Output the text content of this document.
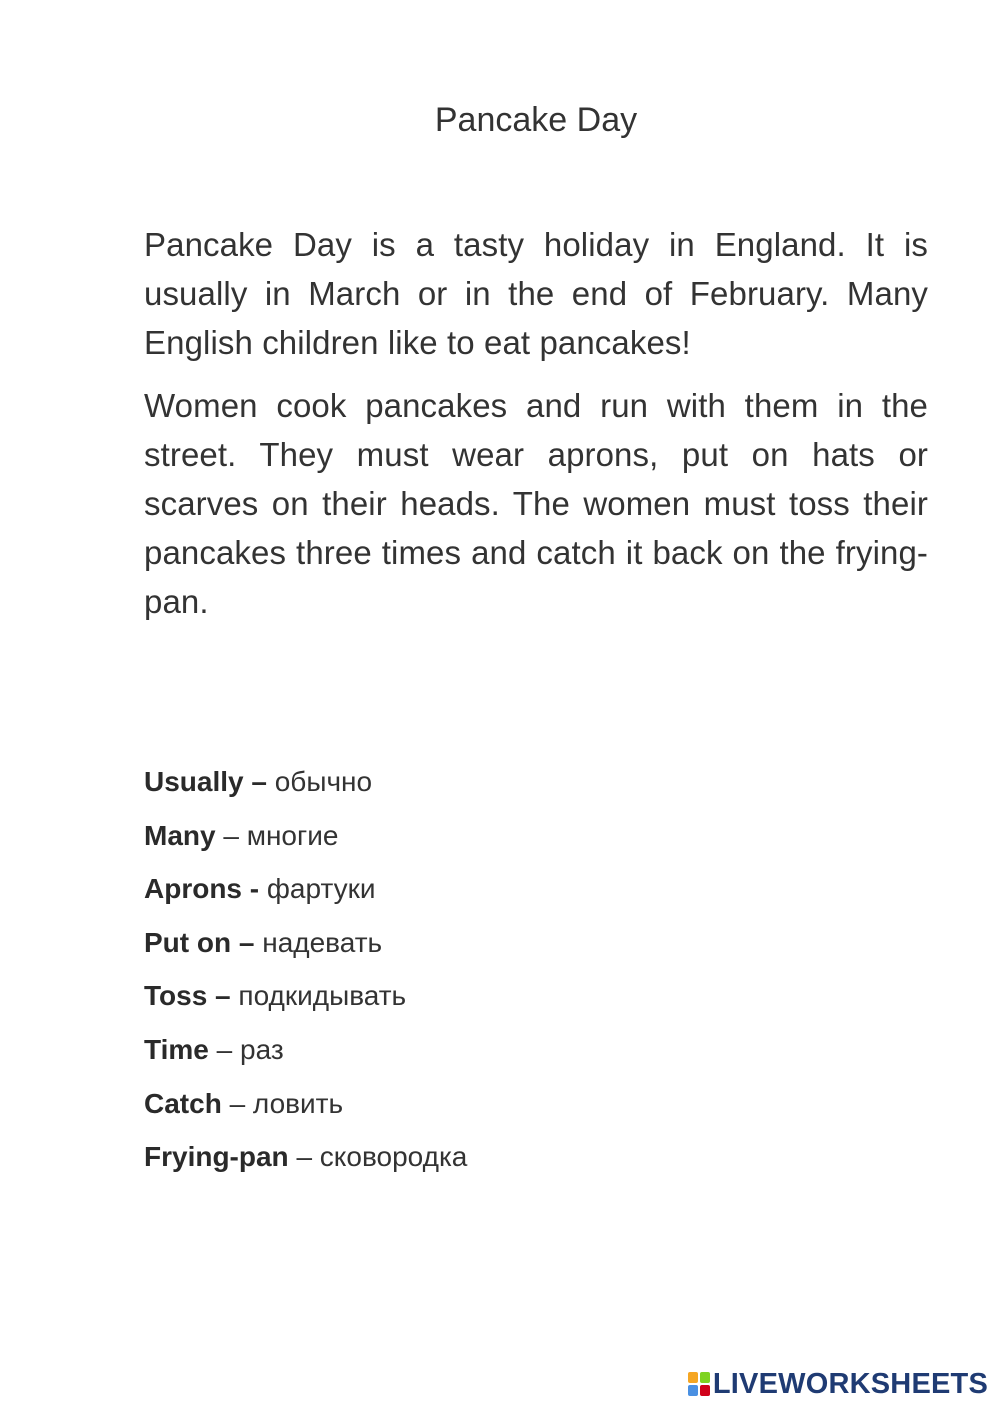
Pancake Day

Pancake Day is a tasty holiday in England. It is usually in March or in the end of February. Many English children like to eat pancakes!

Women cook pancakes and run with them in the street. They must wear aprons, put on hats or scarves on their heads. The women must toss their pancakes three times and catch it back on the frying-pan.

Usually – обычно
Many – многие
Aprons - фартуки
Put on – надевать
Toss – подкидывать
Time – раз
Catch – ловить
Frying-pan – сковородка
LIVEWORKSHEETS
